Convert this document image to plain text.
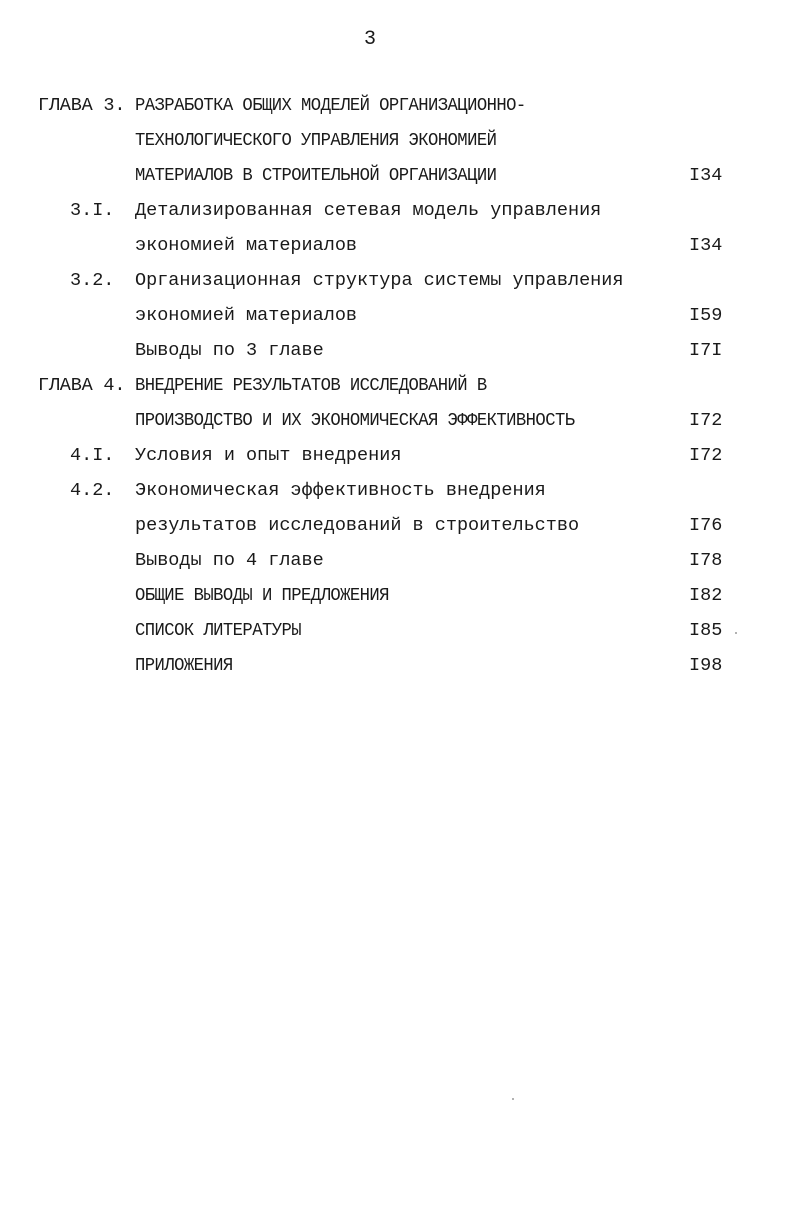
3
ГЛАВА 3. РАЗРАБОТКА ОБЩИХ МОДЕЛЕЙ ОРГАНИЗАЦИОННО-
ТЕХНОЛОГИЧЕСКОГО УПРАВЛЕНИЯ ЭКОНОМИЕЙ
МАТЕРИАЛОВ В СТРОИТЕЛЬНОЙ ОРГАНИЗАЦИИ	I34
3.I. Детализированная сетевая модель управления
экономией материалов	I34
3.2. Организационная структура системы управления
экономией материалов	I59
Выводы по 3 главе	I7I
ГЛАВА 4. ВНЕДРЕНИЕ РЕЗУЛЬТАТОВ ИССЛЕДОВАНИЙ В
ПРОИЗВОДСТВО И ИХ ЭКОНОМИЧЕСКАЯ ЭФФЕКТИВНОСТЬ	I72
4.I. Условия и опыт внедрения	I72
4.2. Экономическая эффективность внедрения
результатов исследований в строительство	I76
Выводы по 4 главе	I78
ОБЩИЕ ВЫВОДЫ И ПРЕДЛОЖЕНИЯ	I82
СПИСОК ЛИТЕРАТУРЫ	I85
ПРИЛОЖЕНИЯ	I98
